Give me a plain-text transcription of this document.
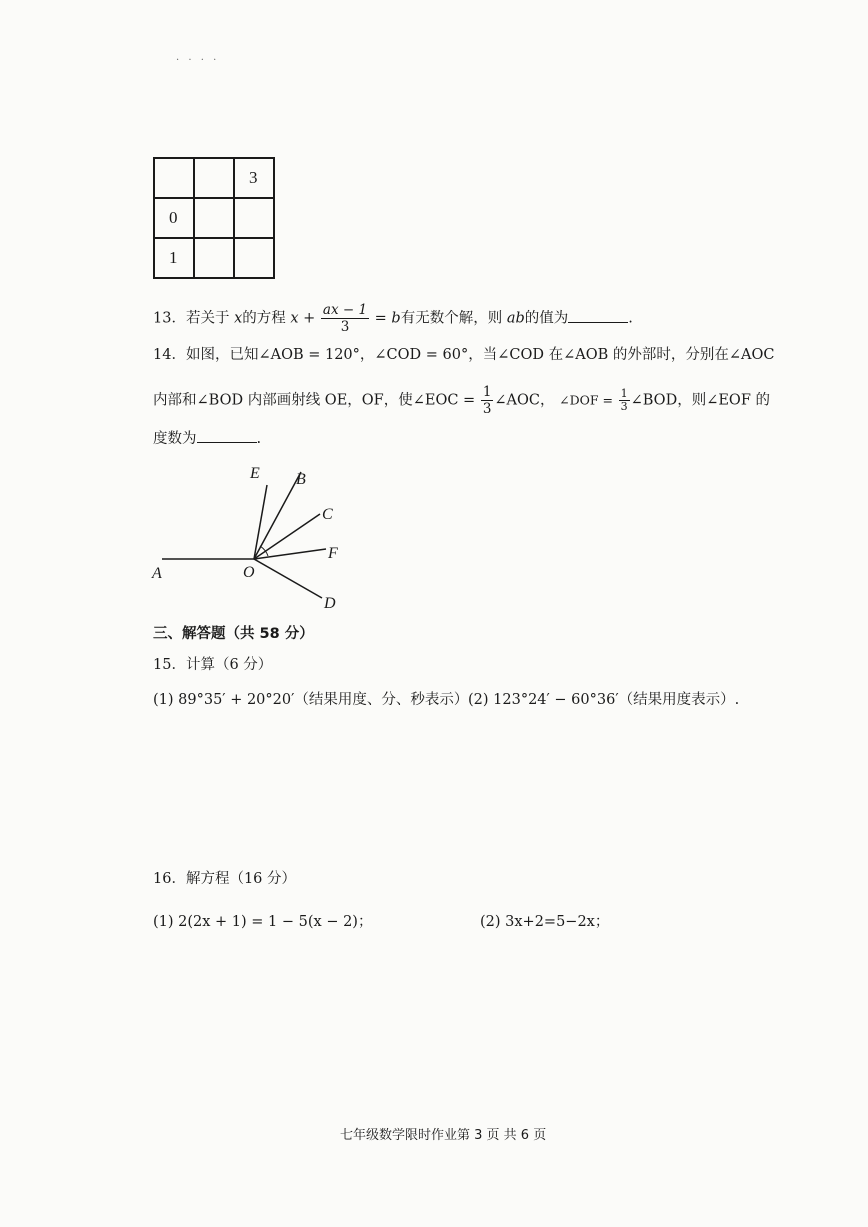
. . . .
		3
0		
1		
13．若关于 x的方程 $x + \frac{ax - 1}{3} = b$有无数个解，则 ab的值为	.
14．如图，已知∠AOB = 120°，∠COD = 60°，当∠COD 在∠AOB 的外部时，分别在∠AOC
内部和∠BOD 内部画射线 OE，OF，使∠EOC = $\frac{1}{3}$ ∠AOC， ∠DOF = $\frac{1}{3}$ ∠BOD，则∠EOF 的
度数为	.
A	O
E B
C
F
D
三、解答题（共 58 分）
15．计算（6 分）
(1) 89°35′ + 20°20′（结果用度、分、秒表示） (2) 123°24′ − 60°36′（结果用度表示）.
16．解方程（16 分）
(1) 2(2x + 1) = 1 − 5(x − 2)；	(2) 3x+2=5−2x；
七年级数学限时作业第 3 页 共 6 页
